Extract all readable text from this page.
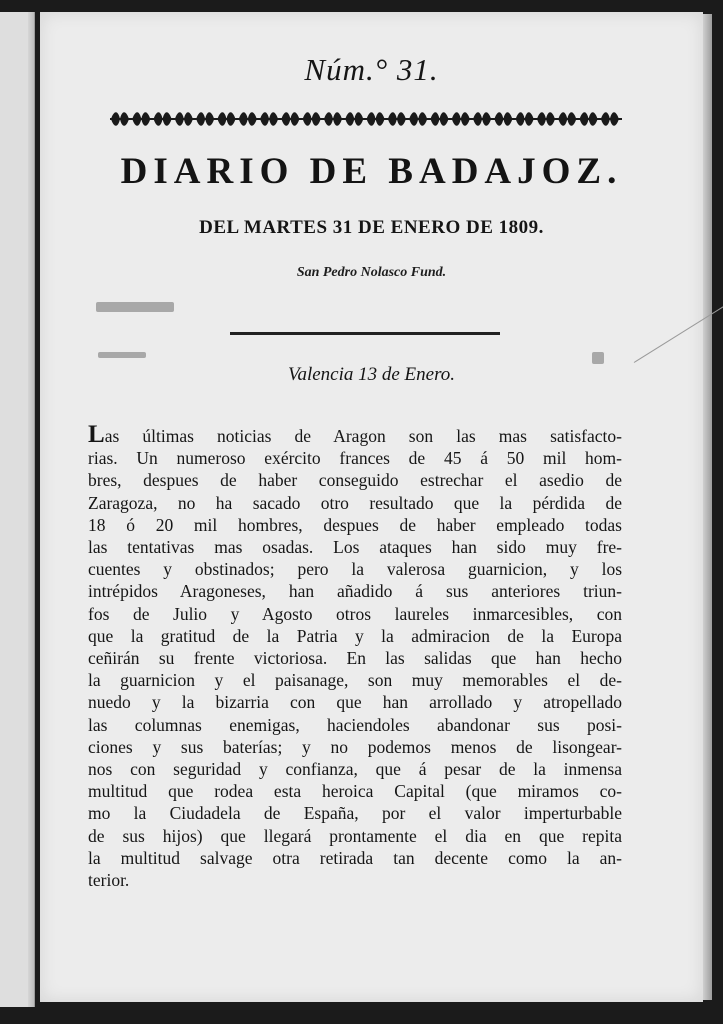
Núm.° 31.
DIARIO DE BADAJOZ.
DEL MARTES 31 DE ENERO DE 1809.
San Pedro Nolasco Fund.
Valencia 13 de Enero.
Las últimas noticias de Aragon son las mas satisfacto-
rias. Un numeroso exército frances de 45 á 50 mil hom-
bres, despues de haber conseguido estrechar el asedio de
Zaragoza, no ha sacado otro resultado que la pérdida de
18 ó 20 mil hombres, despues de haber empleado todas
las tentativas mas osadas. Los ataques han sido muy fre-
cuentes y obstinados; pero la valerosa guarnicion, y los
intrépidos Aragoneses, han añadido á sus anteriores triun-
fos de Julio y Agosto otros laureles inmarcesibles, con
que la gratitud de la Patria y la admiracion de la Europa
ceñirán su frente victoriosa. En las salidas que han hecho
la guarnicion y el paisanage, son muy memorables el de-
nuedo y la bizarria con que han arrollado y atropellado
las columnas enemigas, haciendoles abandonar sus posi-
ciones y sus baterías; y no podemos menos de lisongear-
nos con seguridad y confianza, que á pesar de la inmensa
multitud que rodea esta heroica Capital (que miramos co-
mo la Ciudadela de España, por el valor imperturbable
de sus hijos) que llegará prontamente el dia en que repita
la multitud salvage otra retirada tan decente como la an-
terior.
